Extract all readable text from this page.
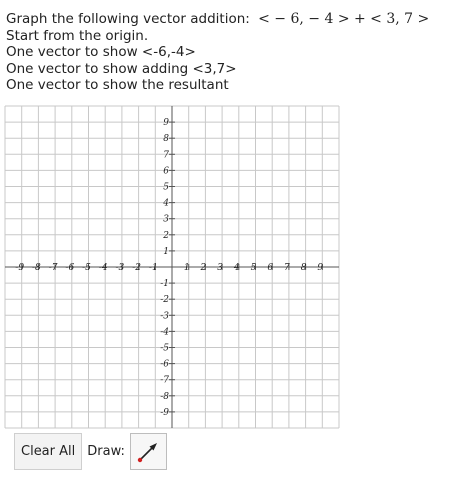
Graph the following vector addition: < − 6, − 4 > + < 3, 7 >
Start from the origin.
One vector to show <-6,-4>
One vector to show adding <3,7>
One vector to show the resultant
-9 -8 -7 -6 -5 -4 -3 -2 -1	1 2 3 4 5 6 7 8 9
9
8
7
6
5
4
3
2
1
-1
-2
-3
-4
-5
-6
-7
-8
-9
Clear All Draw:
